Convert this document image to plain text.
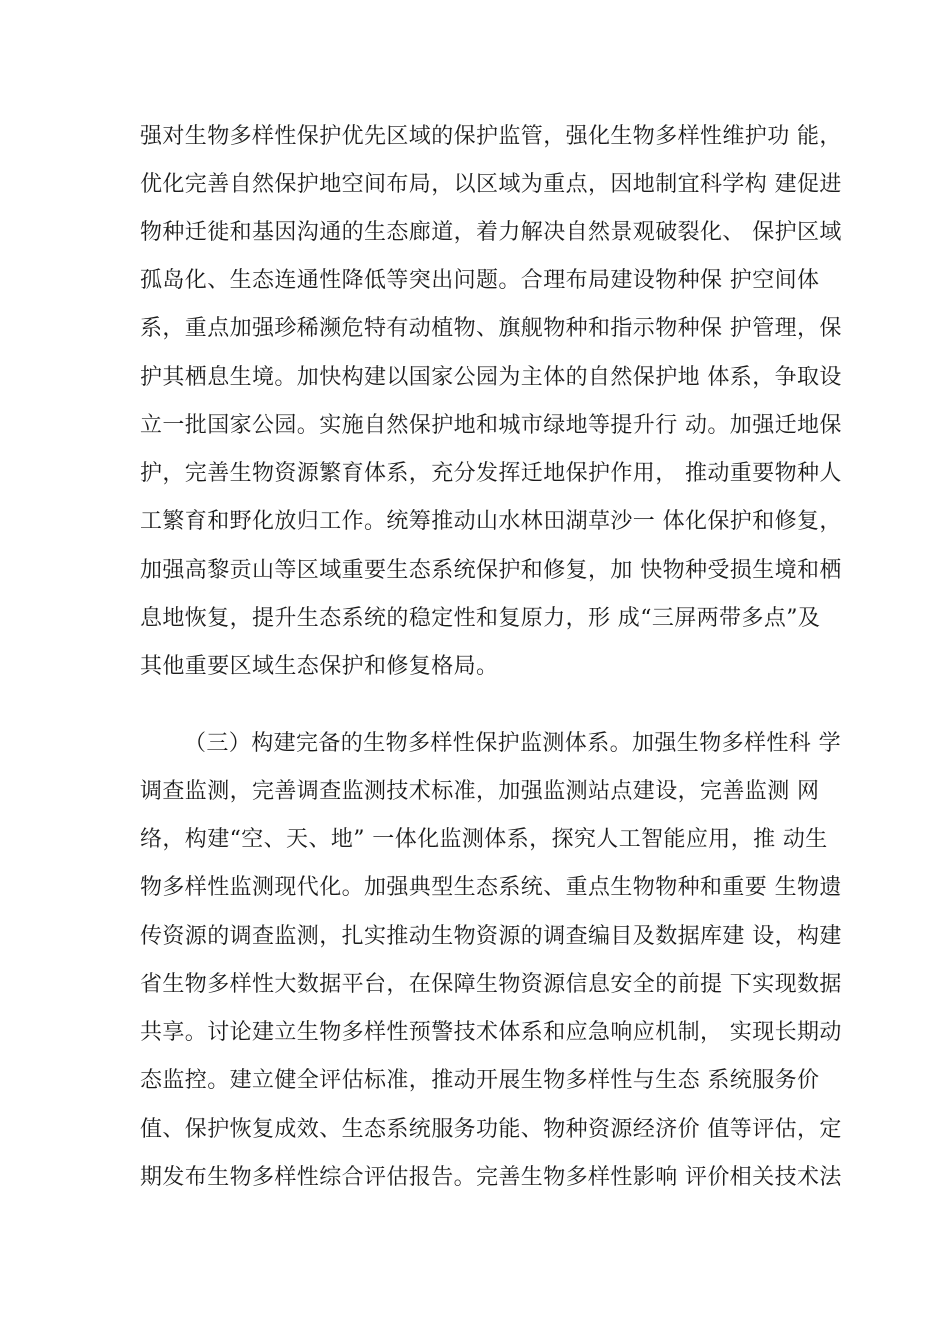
强对生物多样性保护优先区域的保护监管，强化生物多样性维护功 能，

优化完善自然保护地空间布局，以区域为重点，因地制宜科学构 建促进

物种迁徙和基因沟通的生态廊道，着力解决自然景观破裂化、 保护区域

孤岛化、生态连通性降低等突出问题。合理布局建设物种保 护空间体

系，重点加强珍稀濒危特有动植物、旗舰物种和指示物种保 护管理，保

护其栖息生境。加快构建以国家公园为主体的自然保护地 体系，争取设

立一批国家公园。实施自然保护地和城市绿地等提升行 动。加强迁地保

护，完善生物资源繁育体系，充分发挥迁地保护作用， 推动重要物种人

工繁育和野化放归工作。统筹推动山水林田湖草沙一 体化保护和修复，

加强高黎贡山等区域重要生态系统保护和修复，加 快物种受损生境和栖

息地恢复，提升生态系统的稳定性和复原力，形 成“三屏两带多点”及

其他重要区域生态保护和修复格局。

（三）构建完备的生物多样性保护监测体系。加强生物多样性科 学

调查监测，完善调查监测技术标准，加强监测站点建设，完善监测 网

络，构建“空、天、地” 一体化监测体系，探究人工智能应用，推 动生

物多样性监测现代化。加强典型生态系统、重点生物物种和重要 生物遗

传资源的调查监测，扎实推动生物资源的调查编目及数据库建 设，构建

省生物多样性大数据平台，在保障生物资源信息安全的前提 下实现数据

共享。讨论建立生物多样性预警技术体系和应急响应机制， 实现长期动

态监控。建立健全评估标准，推动开展生物多样性与生态 系统服务价

值、保护恢复成效、生态系统服务功能、物种资源经济价 值等评估，定

期发布生物多样性综合评估报告。完善生物多样性影响 评价相关技术法
